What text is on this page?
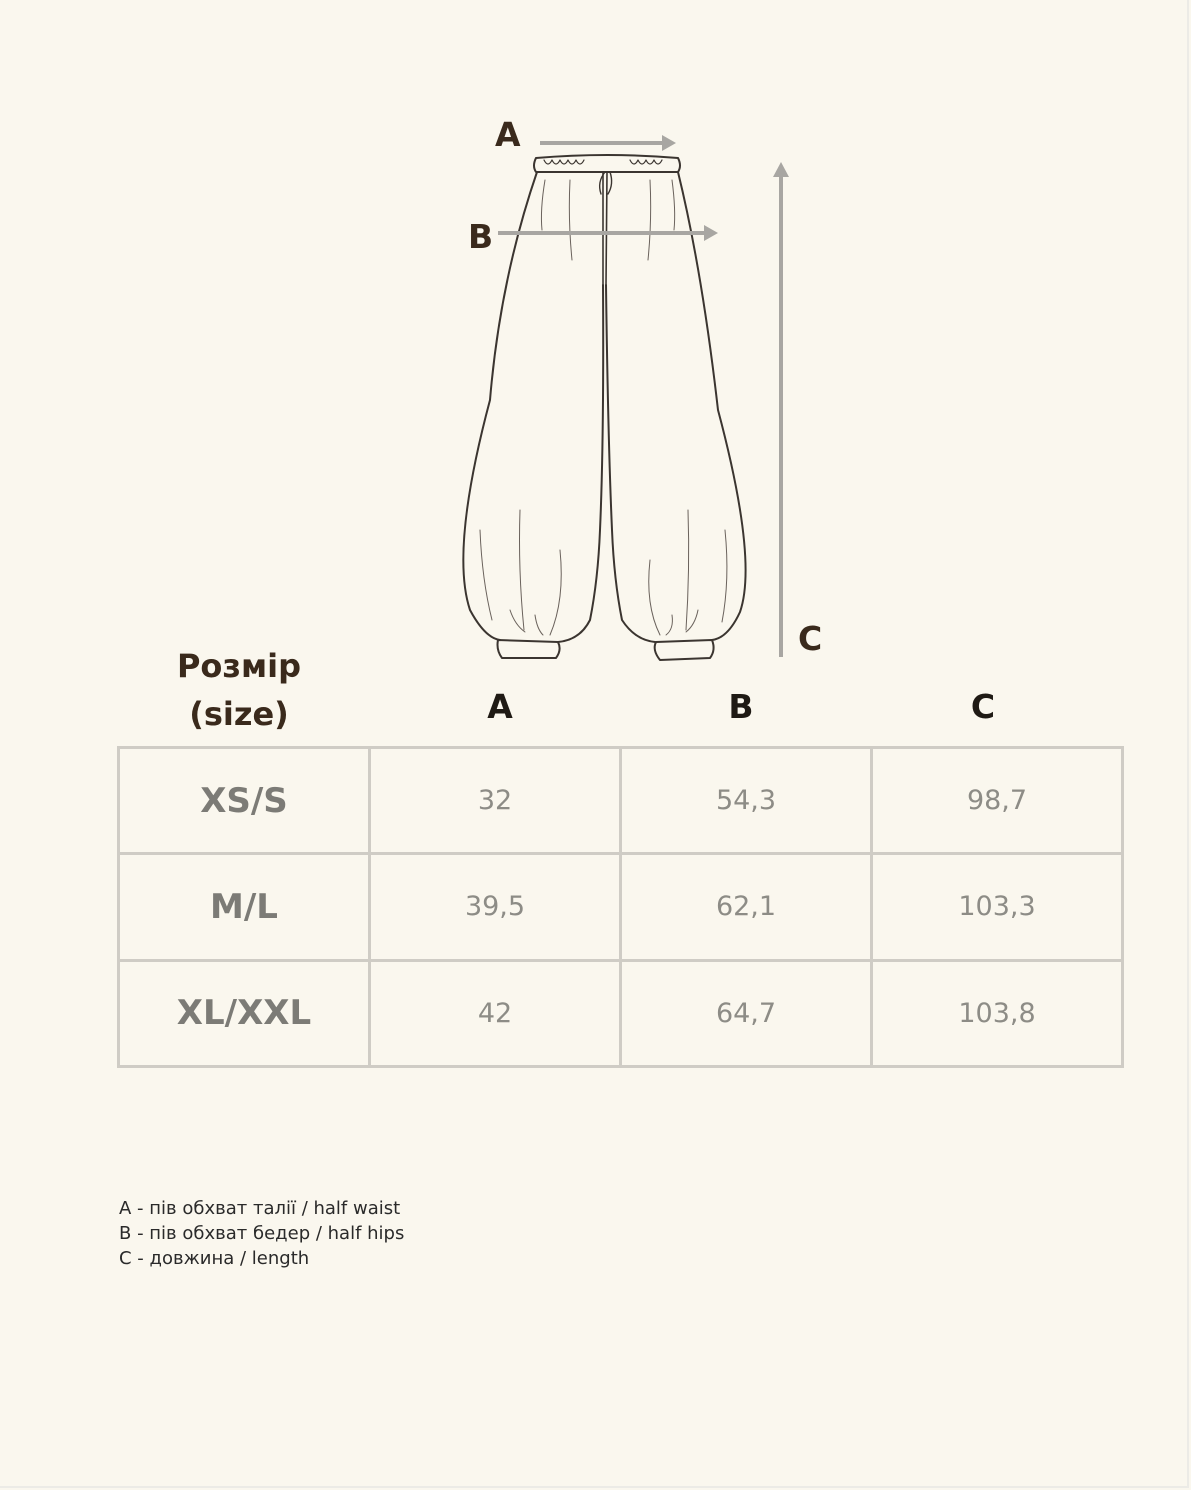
A
B
C
Розмір
(size)	A	B	C
XS/S	32	54,3	98,7
M/L	39,5	62,1	103,3
XL/XXL	42	64,7	103,8
A - пів обхват талії / half waist
B - пів обхват бедер / half hips
C - довжина / length
